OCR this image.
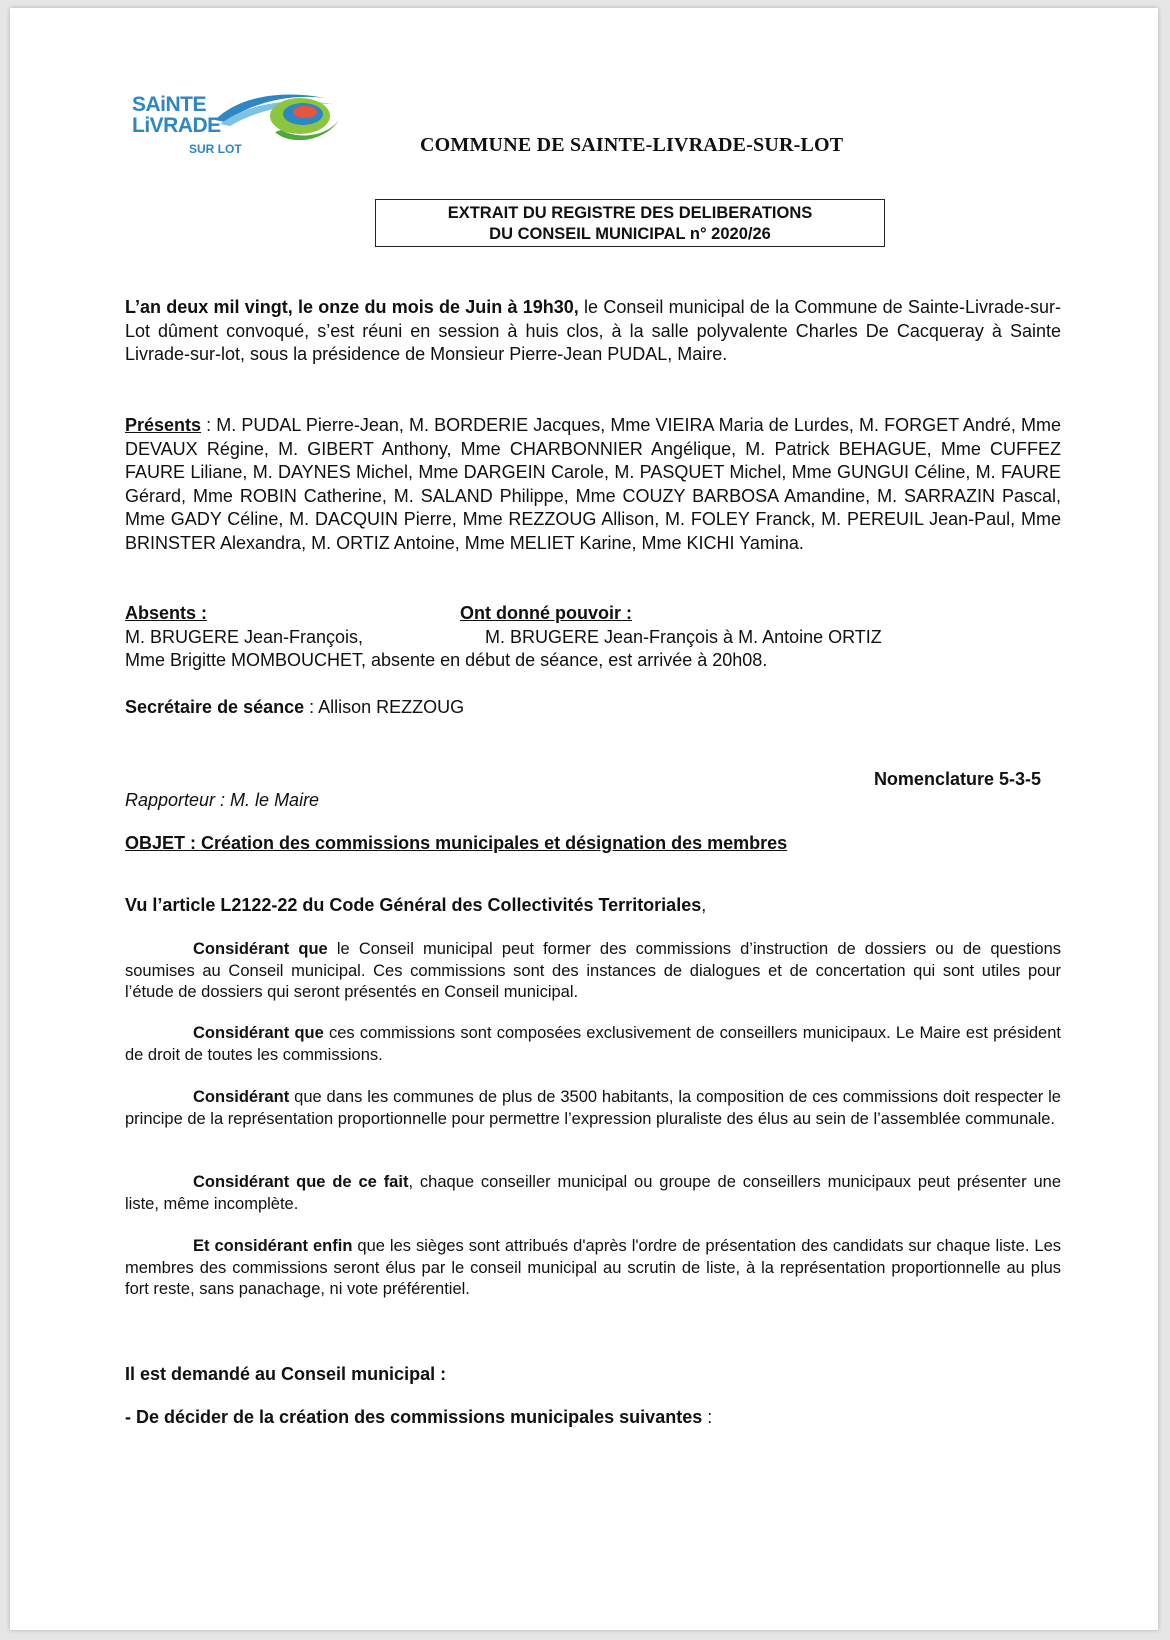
SAiNTE
LiVRADE
SUR LOT	COMMUNE DE SAINTE-LIVRADE-SUR-LOT
EXTRAIT DU REGISTRE DES DELIBERATIONS
DU CONSEIL MUNICIPAL n° 2020/26
L’an deux mil vingt, le onze du mois de Juin à 19h30, le Conseil municipal de la Commune de Sainte-Livrade-sur-Lot dûment convoqué, s’est réuni en session à huis clos, à la salle polyvalente Charles De Cacqueray à Sainte Livrade-sur-lot, sous la présidence de Monsieur Pierre-Jean PUDAL, Maire.
Présents : M. PUDAL Pierre-Jean, M. BORDERIE Jacques, Mme VIEIRA Maria de Lurdes, M. FORGET André, Mme DEVAUX Régine, M. GIBERT Anthony, Mme CHARBONNIER Angélique, M. Patrick BEHAGUE, Mme CUFFEZ FAURE Liliane, M. DAYNES Michel, Mme DARGEIN Carole, M. PASQUET Michel, Mme GUNGUI Céline, M. FAURE Gérard, Mme ROBIN Catherine, M. SALAND Philippe, Mme COUZY BARBOSA Amandine, M. SARRAZIN Pascal, Mme GADY Céline, M. DACQUIN Pierre, Mme REZZOUG Allison, M. FOLEY Franck, M. PEREUIL Jean-Paul, Mme BRINSTER Alexandra, M. ORTIZ Antoine, Mme MELIET Karine, Mme KICHI Yamina.
Absents :	Ont donné pouvoir :
M. BRUGERE Jean-François,	M. BRUGERE Jean-François à M. Antoine ORTIZ
Mme Brigitte MOMBOUCHET, absente en début de séance, est arrivée à 20h08.
Secrétaire de séance : Allison REZZOUG
Nomenclature 5-3-5
Rapporteur : M. le Maire
OBJET : Création des commissions municipales et désignation des membres
Vu l’article L2122-22 du Code Général des Collectivités Territoriales,
Considérant que le Conseil municipal peut former des commissions d’instruction de dossiers ou de questions soumises au Conseil municipal. Ces commissions sont des instances de dialogues et de concertation qui sont utiles pour l’étude de dossiers qui seront présentés en Conseil municipal.
Considérant que ces commissions sont composées exclusivement de conseillers municipaux. Le Maire est président de droit de toutes les commissions.
Considérant que dans les communes de plus de 3500 habitants, la composition de ces commissions doit respecter le principe de la représentation proportionnelle pour permettre l’expression pluraliste des élus au sein de l’assemblée communale.
Considérant que de ce fait, chaque conseiller municipal ou groupe de conseillers municipaux peut présenter une liste, même incomplète.
Et considérant enfin que les sièges sont attribués d'après l'ordre de présentation des candidats sur chaque liste. Les membres des commissions seront élus par le conseil municipal au scrutin de liste, à la représentation proportionnelle au plus fort reste, sans panachage, ni vote préférentiel.
Il est demandé au Conseil municipal :
- De décider de la création des commissions municipales suivantes :
